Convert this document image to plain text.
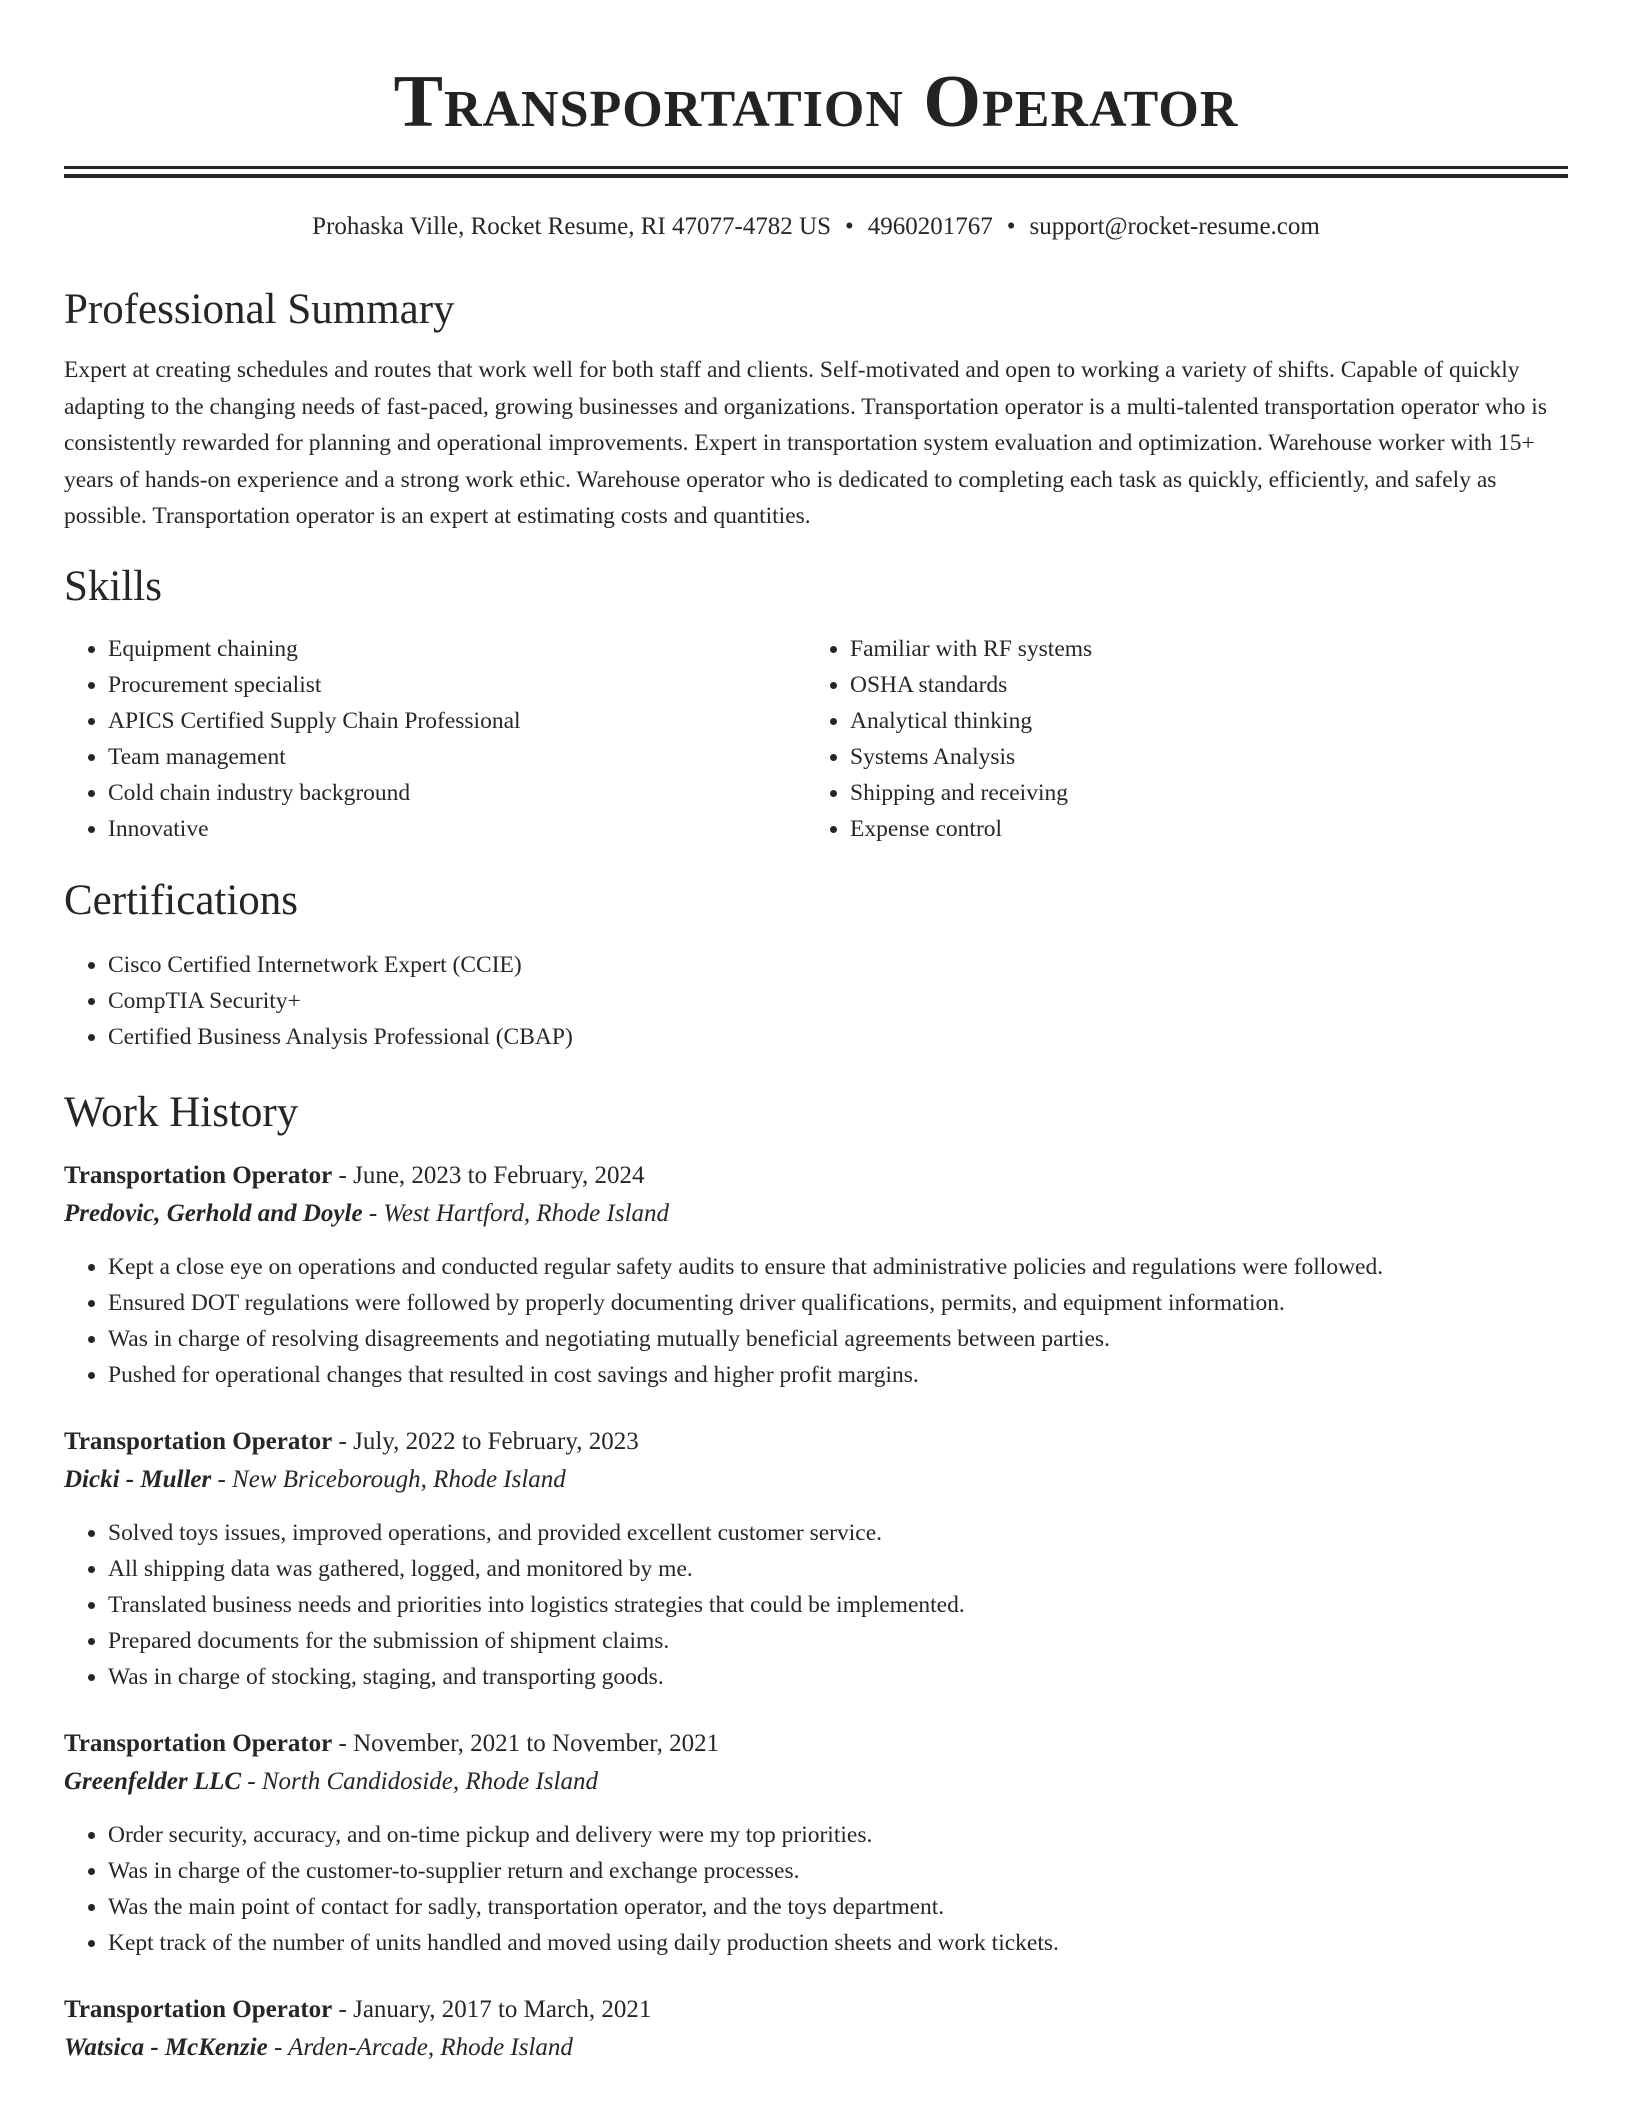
Transportation Operator
Prohaska Ville, Rocket Resume, RI 47077-4782 US • 4960201767 • support@rocket-resume.com
Professional Summary

Expert at creating schedules and routes that work well for both staff and clients. Self-motivated and open to working a variety of shifts. Capable of quickly adapting to the changing needs of fast-paced, growing businesses and organizations. Transportation operator is a multi-talented transportation operator who is consistently rewarded for planning and operational improvements. Expert in transportation system evaluation and optimization. Warehouse worker with 15+ years of hands-on experience and a strong work ethic. Warehouse operator who is dedicated to completing each task as quickly, efficiently, and safely as possible. Transportation operator is an expert at estimating costs and quantities.

Skills
• Equipment chaining
• Procurement specialist
• APICS Certified Supply Chain Professional
• Team management
• Cold chain industry background
• Innovative
• Familiar with RF systems
• OSHA standards
• Analytical thinking
• Systems Analysis
• Shipping and receiving
• Expense control
Certifications
• Cisco Certified Internetwork Expert (CCIE)
• CompTIA Security+
• Certified Business Analysis Professional (CBAP)
Work History
Transportation Operator - June, 2023 to February, 2024
Predovic, Gerhold and Doyle - West Hartford, Rhode Island
• Kept a close eye on operations and conducted regular safety audits to ensure that administrative policies and regulations were followed.
• Ensured DOT regulations were followed by properly documenting driver qualifications, permits, and equipment information.
• Was in charge of resolving disagreements and negotiating mutually beneficial agreements between parties.
• Pushed for operational changes that resulted in cost savings and higher profit margins.
Transportation Operator - July, 2022 to February, 2023
Dicki - Muller - New Briceborough, Rhode Island
• Solved toys issues, improved operations, and provided excellent customer service.
• All shipping data was gathered, logged, and monitored by me.
• Translated business needs and priorities into logistics strategies that could be implemented.
• Prepared documents for the submission of shipment claims.
• Was in charge of stocking, staging, and transporting goods.
Transportation Operator - November, 2021 to November, 2021
Greenfelder LLC - North Candidoside, Rhode Island
• Order security, accuracy, and on-time pickup and delivery were my top priorities.
• Was in charge of the customer-to-supplier return and exchange processes.
• Was the main point of contact for sadly, transportation operator, and the toys department.
• Kept track of the number of units handled and moved using daily production sheets and work tickets.
Transportation Operator - January, 2017 to March, 2021
Watsica - McKenzie - Arden-Arcade, Rhode Island
